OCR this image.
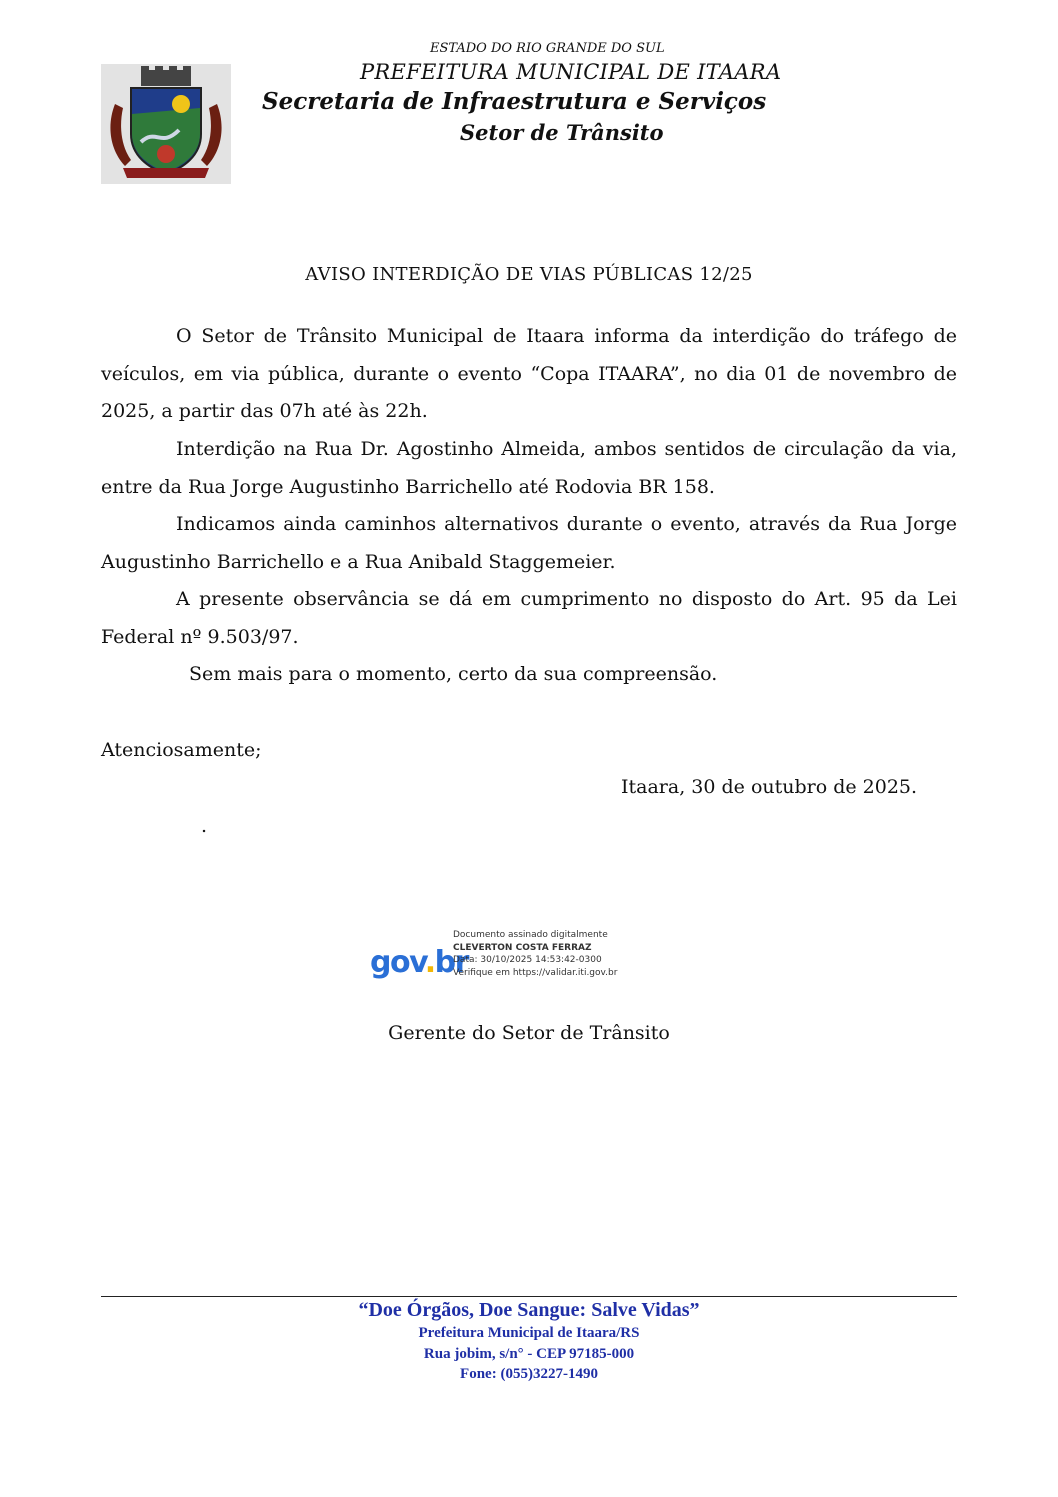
ESTADO DO RIO GRANDE DO SUL
PREFEITURA MUNICIPAL DE ITAARA
Secretaria de Infraestrutura e Serviços
Setor de Trânsito
AVISO INTERDIÇÃO DE VIAS PÚBLICAS 12/25

O Setor de Trânsito Municipal de Itaara informa da interdição do tráfego de veículos, em via pública, durante o evento “Copa ITAARA”, no dia 01 de novembro de 2025, a partir das 07h até às 22h.

Interdição na Rua Dr. Agostinho Almeida, ambos sentidos de circulação da via, entre da Rua Jorge Augustinho Barrichello até Rodovia BR 158.

Indicamos ainda caminhos alternativos durante o evento, através da Rua Jorge Augustinho Barrichello e a Rua Anibald Staggemeier.

A presente observância se dá em cumprimento no disposto do Art. 95 da Lei Federal nº 9.503/97.

Sem mais para o momento, certo da sua compreensão.

Atenciosamente;
Itaara, 30 de outubro de 2025.
.
gov.br
Documento assinado digitalmente
CLEVERTON COSTA FERRAZ
Data: 30/10/2025 14:53:42-0300
Verifique em https://validar.iti.gov.br
Gerente do Setor de Trânsito
“Doe Órgãos, Doe Sangue: Salve Vidas”
Prefeitura Municipal de Itaara/RS
Rua jobim, s/n° - CEP 97185-000
Fone: (055)3227-1490
